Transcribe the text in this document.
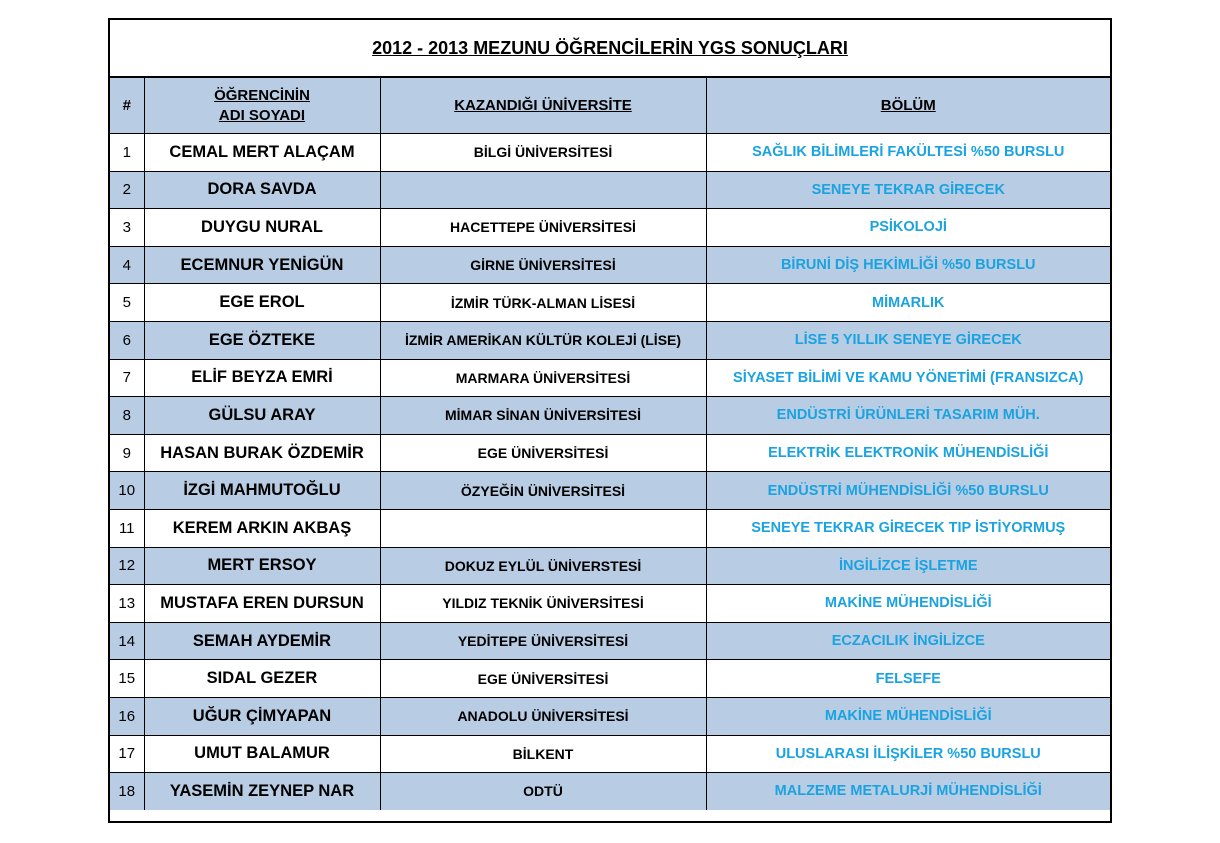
2012 - 2013 MEZUNU ÖĞRENCİLERİN YGS SONUÇLARI
#	ÖĞRENCİNİN
ADI SOYADI	KAZANDIĞI ÜNİVERSİTE	BÖLÜM
1	CEMAL MERT ALAÇAM	BİLGİ ÜNİVERSİTESİ	SAĞLIK BİLİMLERİ FAKÜLTESİ %50 BURSLU
2	DORA SAVDA		SENEYE TEKRAR GİRECEK
3	DUYGU NURAL	HACETTEPE ÜNİVERSİTESİ	PSİKOLOJİ
4	ECEMNUR YENİGÜN	GİRNE ÜNİVERSİTESİ	BİRUNİ DİŞ HEKİMLİĞİ %50 BURSLU
5	EGE EROL	İZMİR TÜRK-ALMAN LİSESİ	MİMARLIK
6	EGE ÖZTEKE	İZMİR AMERİKAN KÜLTÜR KOLEJİ (LİSE)	LİSE 5 YILLIK SENEYE GİRECEK
7	ELİF BEYZA EMRİ	MARMARA ÜNİVERSİTESİ	SİYASET BİLİMİ VE KAMU YÖNETİMİ (FRANSIZCA)
8	GÜLSU ARAY	MİMAR SİNAN ÜNİVERSİTESİ	ENDÜSTRİ ÜRÜNLERİ TASARIM MÜH.
9	HASAN BURAK ÖZDEMİR	EGE ÜNİVERSİTESİ	ELEKTRİK ELEKTRONİK MÜHENDİSLİĞİ
10	İZGİ MAHMUTOĞLU	ÖZYEĞİN ÜNİVERSİTESİ	ENDÜSTRİ MÜHENDİSLİĞİ %50 BURSLU
11	KEREM ARKIN AKBAŞ		SENEYE TEKRAR GİRECEK TIP İSTİYORMUŞ
12	MERT ERSOY	DOKUZ EYLÜL ÜNİVERSTESİ	İNGİLİZCE İŞLETME
13	MUSTAFA EREN DURSUN	YILDIZ TEKNİK ÜNİVERSİTESİ	MAKİNE MÜHENDİSLİĞİ
14	SEMAH AYDEMİR	YEDİTEPE ÜNİVERSİTESİ	ECZACILIK İNGİLİZCE
15	SIDAL GEZER	EGE ÜNİVERSİTESİ	FELSEFE
16	UĞUR ÇİMYAPAN	ANADOLU ÜNİVERSİTESİ	MAKİNE MÜHENDİSLİĞİ
17	UMUT BALAMUR	BİLKENT	ULUSLARASI İLİŞKİLER %50 BURSLU
18	YASEMİN ZEYNEP NAR	ODTÜ	MALZEME METALURJİ MÜHENDİSLİĞİ
